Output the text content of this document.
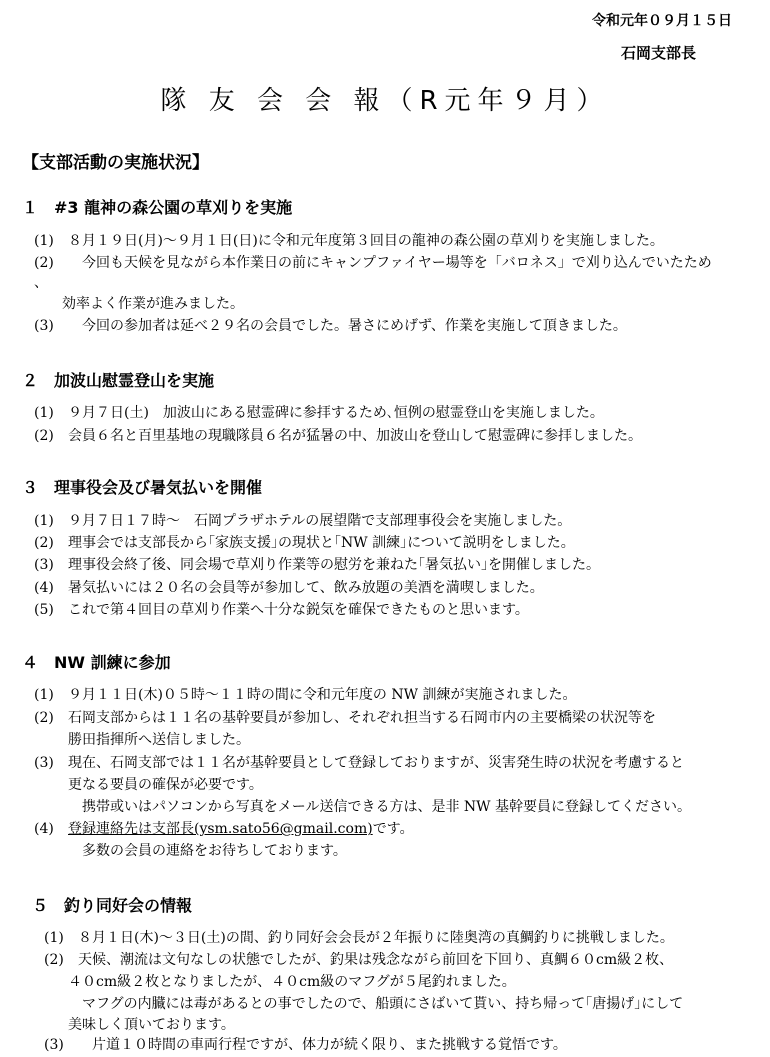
令和元年０９月１５日
石岡支部長
隊 友 会 会 報（R元年９月）
【支部活動の実施状況】
１　#3 龍神の森公園の草刈りを実施
(1) ８月１９日(月)～９月１日(日)に令和元年度第３回目の龍神の森公園の草刈りを実施しました。
(2)　今回も天候を見ながら本作業日の前にキャンプファイヤー場等を「バロネス」で刈り込んでいたため
、
　　効率よく作業が進みました。
(3)　今回の参加者は延べ２９名の会員でした。暑さにめげず、作業を実施して頂きました。
２　加波山慰霊登山を実施
(1) ９月７日(土)　加波山にある慰霊碑に参拝するため､恒例の慰霊登山を実施しました。
(2) 会員６名と百里基地の現職隊員６名が猛暑の中、加波山を登山して慰霊碑に参拝しました。
３　理事役会及び暑気払いを開催
(1) ９月７日１７時～　石岡プラザホテルの展望階で支部理事役会を実施しました。
(2) 理事会では支部長から｢家族支援｣の現状と｢NW 訓練｣について説明をしました。
(3) 理事役会終了後、同会場で草刈り作業等の慰労を兼ねた｢暑気払い｣を開催しました。
(4) 暑気払いには２０名の会員等が参加して、飲み放題の美酒を満喫しました。
(5) これで第４回目の草刈り作業へ十分な鋭気を確保できたものと思います。
４　NW 訓練に参加
(1) ９月１１日(木)０５時～１１時の間に令和元年度の NW 訓練が実施されました。
(2) 石岡支部からは１１名の基幹要員が参加し、それぞれ担当する石岡市内の主要橋梁の状況等を
勝田指揮所へ送信しました。
(3) 現在、石岡支部では１１名が基幹要員として登録しておりますが、災害発生時の状況を考慮すると
更なる要員の確保が必要です。
　携帯或いはパソコンから写真をメール送信できる方は、是非 NW 基幹要員に登録してください。
(4) 登録連絡先は支部長(ysm.sato56@gmail.com)です。
　多数の会員の連絡をお待ちしております。
５　釣り同好会の情報
(1) ８月１日(木)～３日(土)の間、釣り同好会会長が２年振りに陸奥湾の真鯛釣りに挑戦しました。
(2) 天候、潮流は文句なしの状態でしたが、釣果は残念ながら前回を下回り、真鯛６０cm級２枚、
４０cm級２枚となりましたが、４０cm級のマフグが５尾釣れました。
　マフグの内臓には毒があるとの事でしたので、船頭にさばいて貰い、持ち帰って｢唐揚げ｣にして
美味しく頂いております。
(3)　片道１０時間の車両行程ですが、体力が続く限り、また挑戦する覚悟です。
